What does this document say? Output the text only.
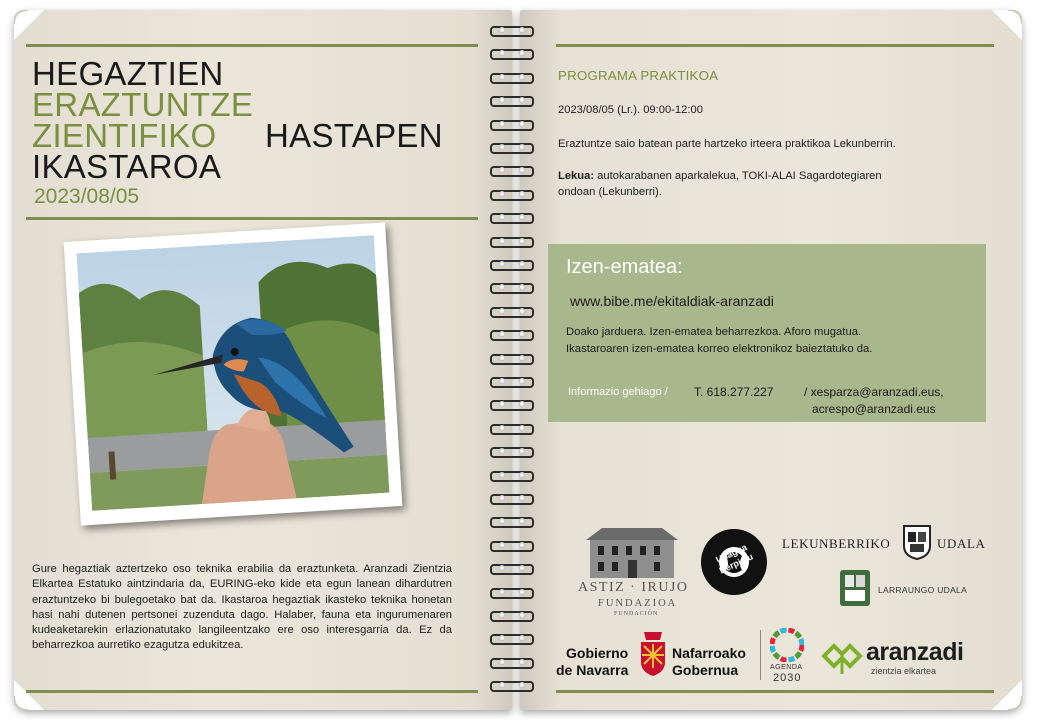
HEGAZTIEN
ERAZTUNTZE
ZIENTIFIKO HASTAPEN
IKASTAROA
2023/08/05
Gure hegaztiak aztertzeko oso teknika erabilia da eraztunketa. Aranzadi Zientzia Elkartea Estatuko aintzindaria da, EURING-eko kide eta egun lanean dihardutren eraztuntzeko bi bulegoetako bat da. Ikastaroa hegaztiak ikasteko teknika honetan hasi nahi dutenen pertsonei zuzenduta dago. Halaber, fauna eta ingurumenaren kudeaketarekin erlazionatutako langileentzako ere oso interesgarria da. Ez da beharrezkoa aurretiko ezagutza edukitzea.
PROGRAMA PRAKTIKOA
2023/08/05 (Lr.). 09:00-12:00
Eraztuntze saio batean parte hartzeko irteera praktikoa Lekunberrin.
Lekua: autokarabanen aparkalekua, TOKI-ALAI Sagardotegiaren
ondoan (Lekunberri).
Izen-ematea:
www.bibe.me/ekitaldiak-aranzadi
Doako jarduera. Izen-ematea beharrezkoa. Aforo mugatua.
Ikastaroaren izen-ematea korreo elektronikoz baieztatuko da.
Informazio gehiago / T. 618.277.227	/ xesparza@aranzadi.eus,
acrespo@aranzadi.eus
ASTIZ · IRUJO
FUNDAZIOA
FUNDACIÓN
Ubagua Berpiztu
LEKUNBERRIKO	UDALA
LARRAUNGO UDALA
Gobierno
de Navarra
Nafarroako
Gobernua	AGENDA
2030
aranzadi
zientzia elkartea
